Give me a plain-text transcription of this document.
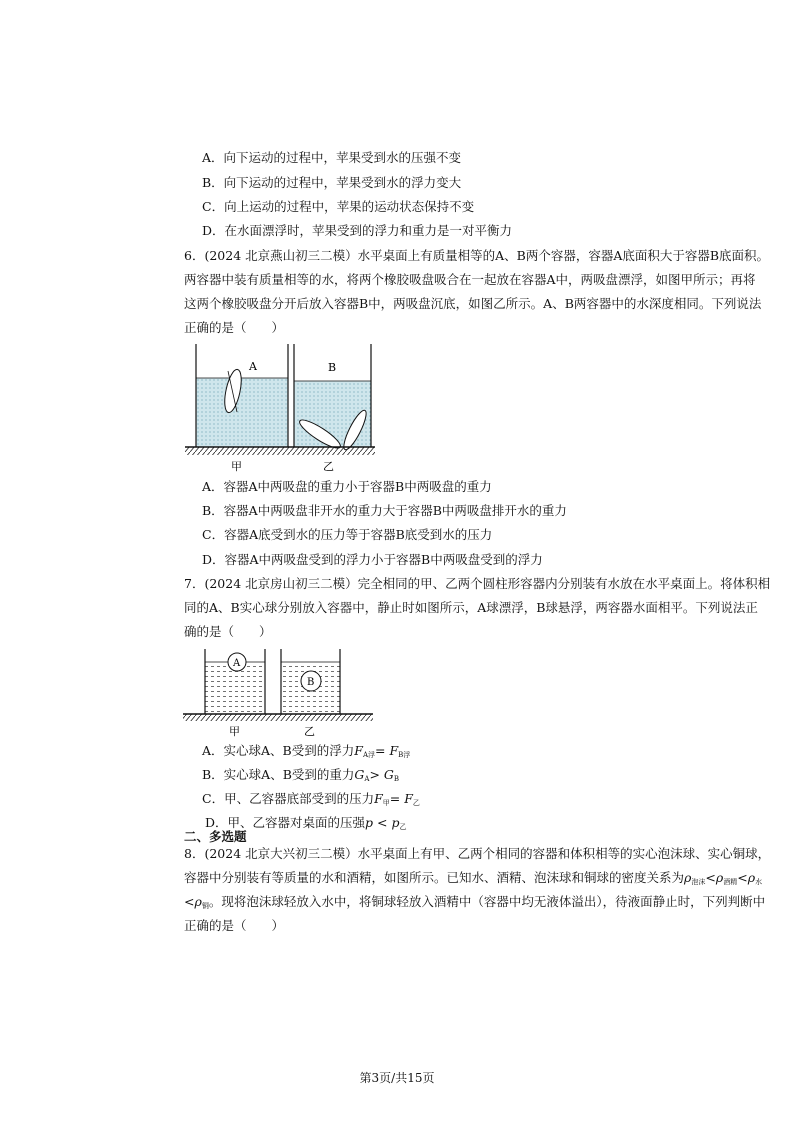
A．向下运动的过程中，苹果受到水的压强不变
B．向下运动的过程中，苹果受到水的浮力变大
C．向上运动的过程中，苹果的运动状态保持不变
D．在水面漂浮时，苹果受到的浮力和重力是一对平衡力
6．(2024 北京燕山初三二模）水平桌面上有质量相等的A、B两个容器，容器A底面积大于容器B底面积。
两容器中装有质量相等的水，将两个橡胶吸盘吸合在一起放在容器A中，两吸盘漂浮，如图甲所示；再将
这两个橡胶吸盘分开后放入容器B中，两吸盘沉底，如图乙所示。A、B两容器中的水深度相同。下列说法
正确的是（　　）
A	B
甲	乙
A．容器A中两吸盘的重力小于容器B中两吸盘的重力
B．容器A中两吸盘非开水的重力大于容器B中两吸盘排开水的重力
C．容器A底受到水的压力等于容器B底受到水的压力
D．容器A中两吸盘受到的浮力小于容器B中两吸盘受到的浮力
7．(2024 北京房山初三二模）完全相同的甲、乙两个圆柱形容器内分别装有水放在水平桌面上。将体积相
同的A、B实心球分别放入容器中，静止时如图所示，A球漂浮，B球悬浮，两容器水面相平。下列说法正
确的是（　　）
A
B
甲	乙
A．实心球A、B受到的浮力$F_{A浮}= F_{B浮}$
B．实心球A、B受到的重力$G_A> G_B$
C．甲、乙容器底部受到的压力$F_甲= F_乙$
D．甲、乙容器对桌面的压强$p < p_乙$
二、多选题
8．(2024 北京大兴初三二模）水平桌面上有甲、乙两个相同的容器和体积相等的实心泡沫球、实心铜球，
容器中分别装有等质量的水和酒精，如图所示。已知水、酒精、泡沫球和铜球的密度关系为$\rho_{泡沫}<\rho_{酒精}<\rho_水$
$<\rho_铜$。现将泡沫球轻放入水中，将铜球轻放入酒精中（容器中均无液体溢出），待液面静止时，下列判断中
正确的是（　　）
第3页/共15页
